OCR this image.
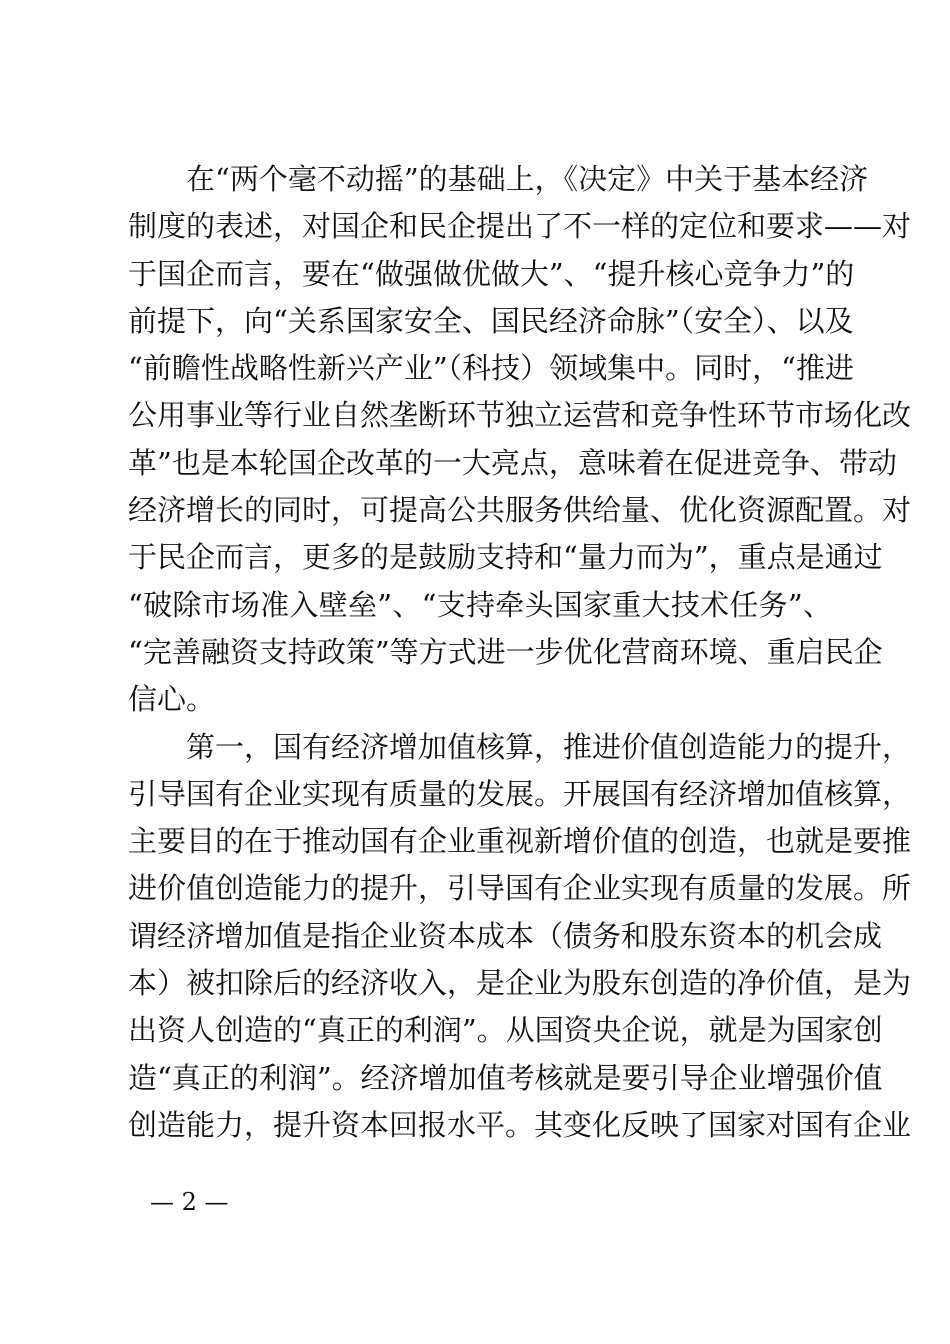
在“两个毫不动摇”的基础上，《决定》中关于基本经济
制度的表述，对国企和民企提出了不一样的定位和要求——对
于国企而言，要在“做强做优做大”、“提升核心竞争力”的
前提下，向“关系国家安全、国民经济命脉”（安全）、以及
“前瞻性战略性新兴产业”（科技）领域集中。同时，“推进
公用事业等行业自然垄断环节独立运营和竞争性环节市场化改
革”也是本轮国企改革的一大亮点，意味着在促进竞争、带动
经济增长的同时，可提高公共服务供给量、优化资源配置。对
于民企而言，更多的是鼓励支持和“量力而为”，重点是通过
“破除市场准入壁垒”、“支持牵头国家重大技术任务”、
“完善融资支持政策”等方式进一步优化营商环境、重启民企
信心。
第一，国有经济增加值核算，推进价值创造能力的提升，
引导国有企业实现有质量的发展。开展国有经济增加值核算，
主要目的在于推动国有企业重视新增价值的创造，也就是要推
进价值创造能力的提升，引导国有企业实现有质量的发展。所
谓经济增加值是指企业资本成本（债务和股东资本的机会成
本）被扣除后的经济收入，是企业为股东创造的净价值，是为
出资人创造的“真正的利润”。从国资央企说，就是为国家创
造“真正的利润”。经济增加值考核就是要引导企业增强价值
创造能力，提升资本回报水平。其变化反映了国家对国有企业
— 2 —
